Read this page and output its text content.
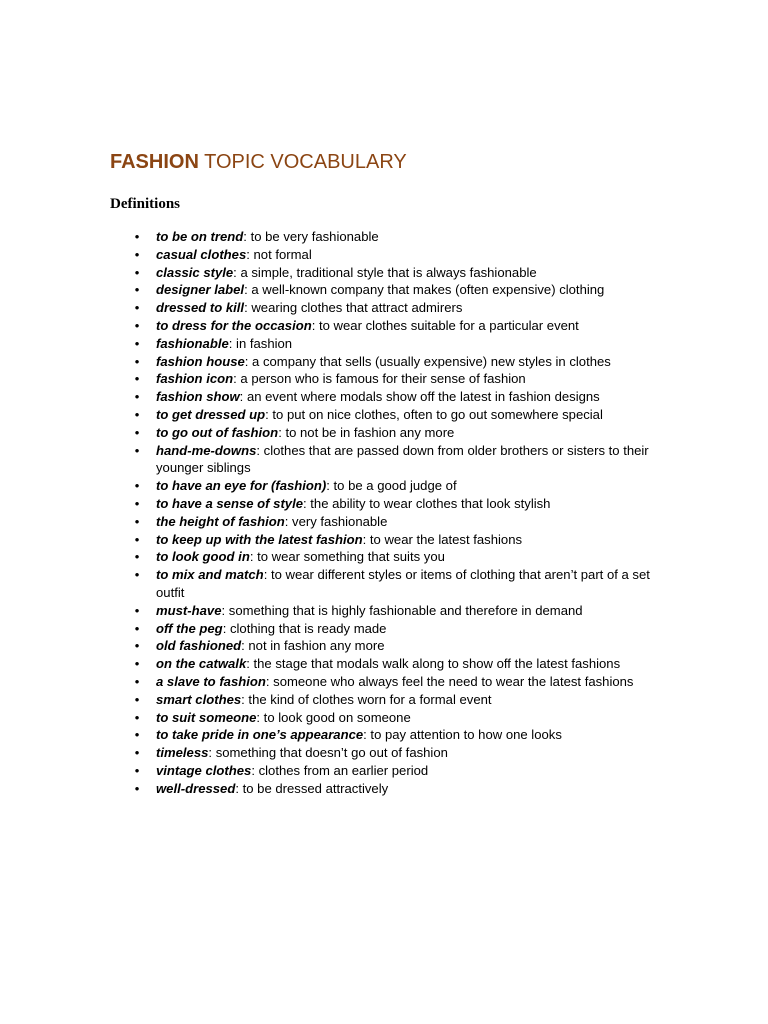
FASHION TOPIC VOCABULARY
Definitions
• to be on trend: to be very fashionable
• casual clothes: not formal
• classic style: a simple, traditional style that is always fashionable
• designer label: a well-known company that makes (often expensive) clothing
• dressed to kill: wearing clothes that attract admirers
• to dress for the occasion: to wear clothes suitable for a particular event
• fashionable: in fashion
• fashion house: a company that sells (usually expensive) new styles in clothes
• fashion icon: a person who is famous for their sense of fashion
• fashion show: an event where modals show off the latest in fashion designs
• to get dressed up: to put on nice clothes, often to go out somewhere special
• to go out of fashion: to not be in fashion any more
• hand-me-downs: clothes that are passed down from older brothers or sisters to their younger siblings
• to have an eye for (fashion): to be a good judge of
• to have a sense of style: the ability to wear clothes that look stylish
• the height of fashion: very fashionable
• to keep up with the latest fashion: to wear the latest fashions
• to look good in: to wear something that suits you
• to mix and match: to wear different styles or items of clothing that aren’t part of a set outfit
• must-have: something that is highly fashionable and therefore in demand
• off the peg: clothing that is ready made
• old fashioned: not in fashion any more
• on the catwalk: the stage that modals walk along to show off the latest fashions
• a slave to fashion: someone who always feel the need to wear the latest fashions
• smart clothes: the kind of clothes worn for a formal event
• to suit someone: to look good on someone
• to take pride in one’s appearance: to pay attention to how one looks
• timeless: something that doesn’t go out of fashion
• vintage clothes: clothes from an earlier period
• well-dressed: to be dressed attractively
